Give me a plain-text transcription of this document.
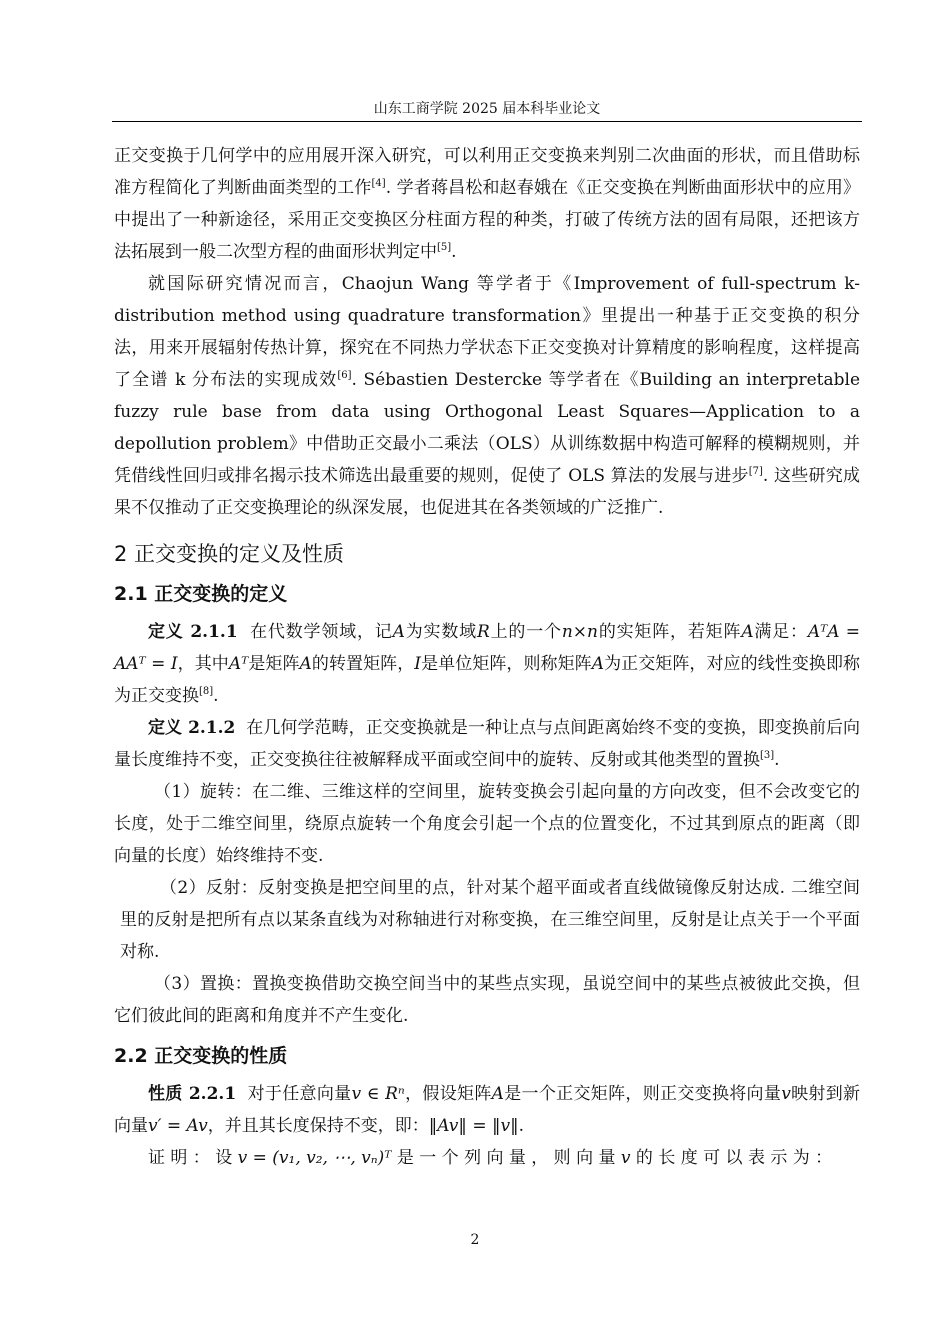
山东工商学院 2025 届本科毕业论文

正交变换于几何学中的应用展开深入研究，可以利用正交变换来判别二次曲面的形状，而且借助标准方程简化了判断曲面类型的工作[4]. 学者蒋昌松和赵春娥在《正交变换在判断曲面形状中的应用》中提出了一种新途径，采用正交变换区分柱面方程的种类，打破了传统方法的固有局限，还把该方法拓展到一般二次型方程的曲面形状判定中[5].

就国际研究情况而言，Chaojun Wang 等学者于《Improvement of full-spectrum k-distribution method using quadrature transformation》里提出一种基于正交变换的积分法，用来开展辐射传热计算，探究在不同热力学状态下正交变换对计算精度的影响程度，这样提高了全谱 k 分布法的实现成效[6]. Sébastien Destercke 等学者在《Building an interpretable fuzzy rule base from data using Orthogonal Least Squares—Application to a depollution problem》中借助正交最小二乘法（OLS）从训练数据中构造可解释的模糊规则，并凭借线性回归或排名揭示技术筛选出最重要的规则，促使了 OLS 算法的发展与进步[7]. 这些研究成果不仅推动了正交变换理论的纵深发展，也促进其在各类领域的广泛推广.

2 正交变换的定义及性质
2.1 正交变换的定义

定义 2.1.1 在代数学领域，记A为实数域R上的一个n×n的实矩阵，若矩阵A满足：AᵀA = AAᵀ = I，其中Aᵀ是矩阵A的转置矩阵，I是单位矩阵，则称矩阵A为正交矩阵，对应的线性变换即称为正交变换[8].

定义 2.1.2 在几何学范畴，正交变换就是一种让点与点间距离始终不变的变换，即变换前后向量长度维持不变，正交变换往往被解释成平面或空间中的旋转、反射或其他类型的置换[3].

（1）旋转：在二维、三维这样的空间里，旋转变换会引起向量的方向改变，但不会改变它的长度，处于二维空间里，绕原点旋转一个角度会引起一个点的位置变化，不过其到原点的距离（即向量的长度）始终维持不变.

（2）反射：反射变换是把空间里的点，针对某个超平面或者直线做镜像反射达成. 二维空间里的反射是把所有点以某条直线为对称轴进行对称变换，在三维空间里，反射是让点关于一个平面对称.

（3）置换：置换变换借助交换空间当中的某些点实现，虽说空间中的某些点被彼此交换，但它们彼此间的距离和角度并不产生变化.

2.2 正交变换的性质

性质 2.2.1 对于任意向量v ∈ Rⁿ，假设矩阵A是一个正交矩阵，则正交变换将向量v映射到新向量v′ = Av，并且其长度保持不变，即：‖Av‖ = ‖v‖.

证 明 ： 设 v = (v₁, v₂, ⋯, vₙ)ᵀ 是 一 个 列 向 量 ， 则 向 量 v 的 长 度 可 以 表 示 为 ：

2
